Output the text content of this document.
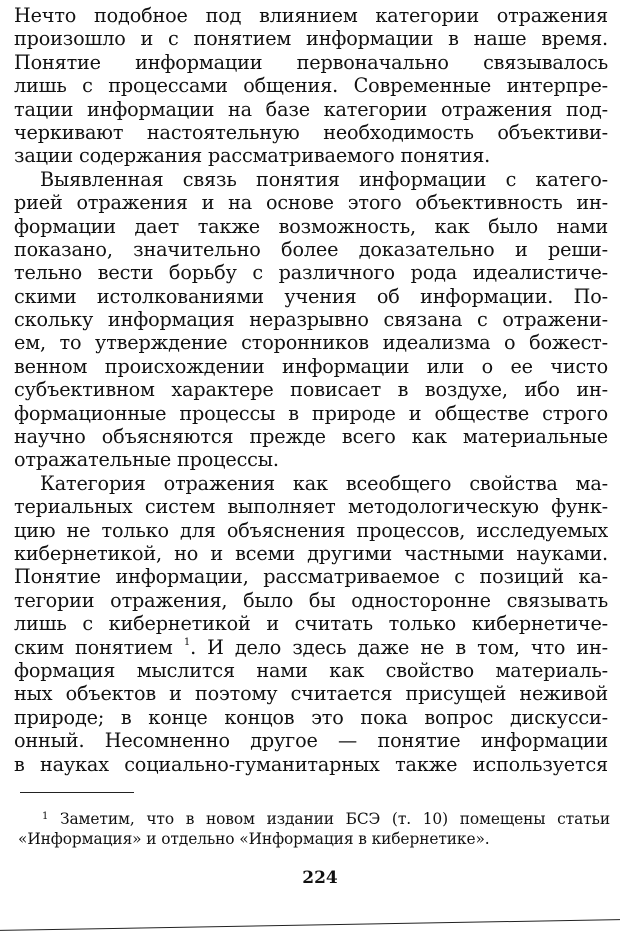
Нечто подобное под влиянием категории отражения
произошло и с понятием информации в наше время.
Понятие информации первоначально связывалось
лишь с процессами общения. Современные интерпре-
тации информации на базе категории отражения под-
черкивают настоятельную необходимость объективи-
зации содержания рассматриваемого понятия.
Выявленная связь понятия информации с катего-
рией отражения и на основе этого объективность ин-
формации дает также возможность, как было нами
показано, значительно более доказательно и реши-
тельно вести борьбу с различного рода идеалистиче-
скими истолкованиями учения об информации. По-
скольку информация неразрывно связана с отражени-
ем, то утверждение сторонников идеализма о божест-
венном происхождении информации или о ее чисто
субъективном характере повисает в воздухе, ибо ин-
формационные процессы в природе и обществе строго
научно объясняются прежде всего как материальные
отражательные процессы.
Категория отражения как всеобщего свойства ма-
териальных систем выполняет методологическую функ-
цию не только для объяснения процессов, исследуемых
кибернетикой, но и всеми другими частными науками.
Понятие информации, рассматриваемое с позиций ка-
тегории отражения, было бы односторонне связывать
лишь с кибернетикой и считать только кибернетиче-
ским понятием $^1$. И дело здесь даже не в том, что ин-
формация мыслится нами как свойство материаль-
ных объектов и поэтому считается присущей неживой
природе; в конце концов это пока вопрос дискусси-
онный. Несомненно другое — понятие информации
в науках социально-гуманитарных также используется
$^1$ Заметим, что в новом издании БСЭ (т. 10) помещены статьи
«Информация» и отдельно «Информация в кибернетике».
224
